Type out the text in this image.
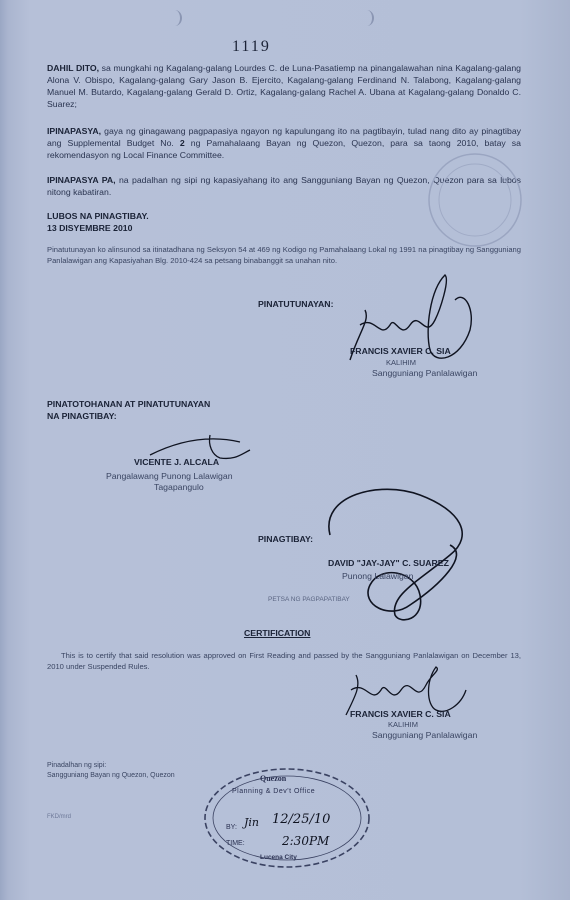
1119
DAHIL DITO, sa mungkahi ng Kagalang-galang Lourdes C. de Luna-Pasatiemp na pinangalawahan nina Kagalang-galang Alona V. Obispo, Kagalang-galang Gary Jason B. Ejercito, Kagalang-galang Ferdinand N. Talabong, Kagalang-galang Manuel M. Butardo, Kagalang-galang Gerald D. Ortiz, Kagalang-galang Rachel A. Ubana at Kagalang-galang Donaldo C. Suarez;
IPINAPASYA, gaya ng ginagawang pagpapasiya ngayon ng kapulungang ito na pagtibayin, tulad nang dito ay pinagtibay ang Supplemental Budget No. 2 ng Pamahalaang Bayan ng Quezon, Quezon, para sa taong 2010, batay sa rekomendasyon ng Local Finance Committee.
IPINAPASYA PA, na padalhan ng sipi ng kapasiyahang ito ang Sangguniang Bayan ng Quezon, Quezon para sa lubos nitong kabatiran.
LUBOS NA PINAGTIBAY.
13 DISYEMBRE 2010
Pinatutunayan ko alinsunod sa itinatadhana ng Seksyon 54 at 469 ng Kodigo ng Pamahalaang Lokal ng 1991 na pinagtibay ng Sangguniang Panlalawigan ang Kapasiyahan Blg. 2010-424 sa petsang binabanggit sa unahan nito.
PINATUTUNAYAN:
FRANCIS XAVIER C. SIA
KALIHIM
Sangguniang Panlalawigan
PINATOTOHANAN AT PINATUTUNAYAN
NA PINAGTIBAY:
VICENTE J. ALCALA
Pangalawang Punong Lalawigan
Tagapangulo
PINAGTIBAY:
DAVID "JAY-JAY" C. SUAREZ
Punong Lalawigan
PETSA NG PAGPAPATIBAY
CERTIFICATION
This is to certify that said resolution was approved on First Reading and passed by the Sangguniang Panlalawigan on December 13, 2010 under Suspended Rules.
FRANCIS XAVIER C. SIA
KALIHIM
Sangguniang Panlalawigan
Pinadalhan ng sipi:
Sangguniang Bayan ng Quezon, Quezon
FKD/mrd
Quezon
Planning & Dev't Office
BY: Jin 12/25/10
TIME:	2:30PM
Lucena City
